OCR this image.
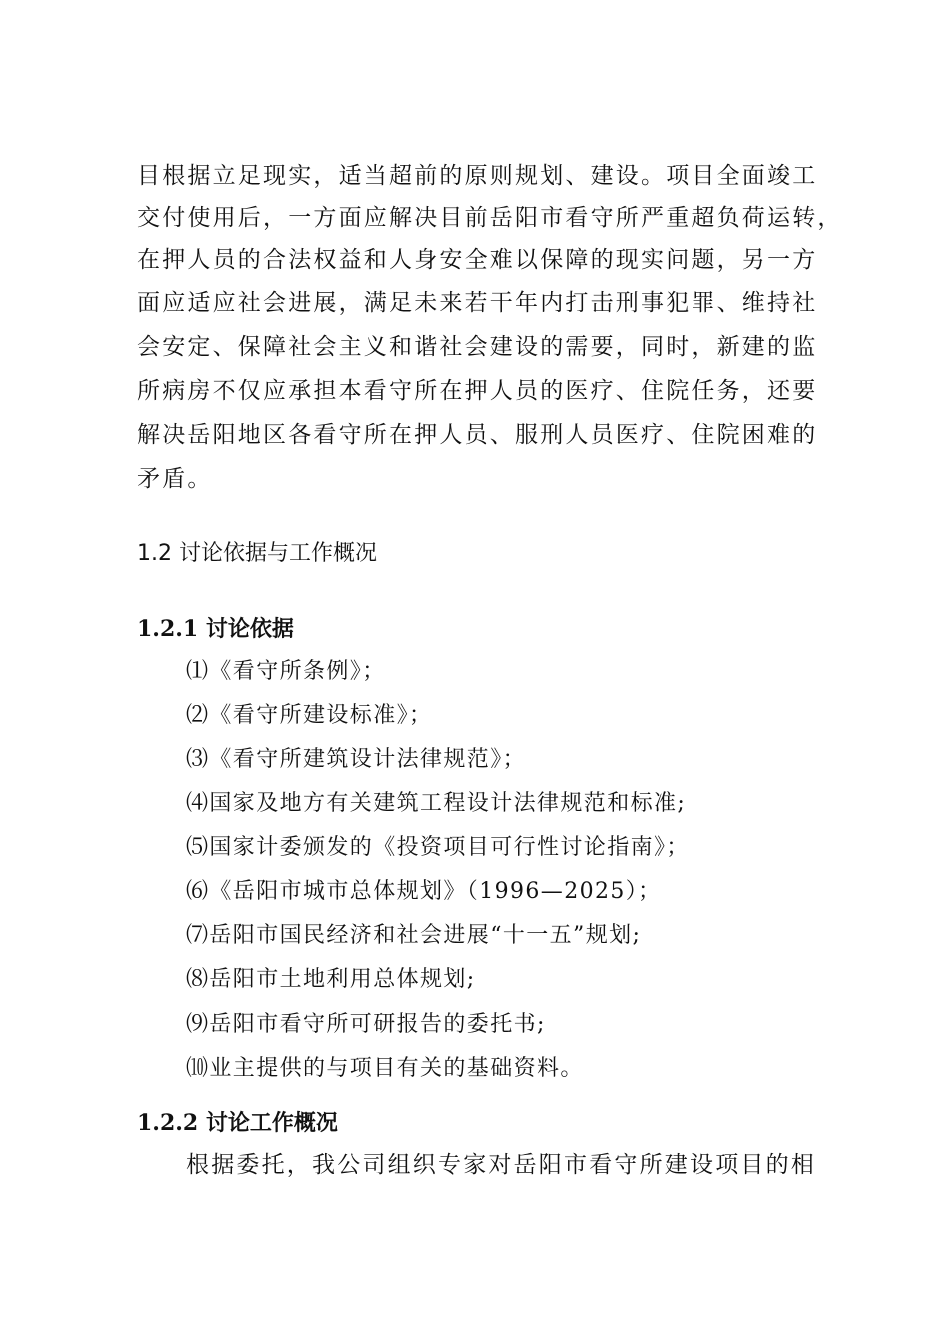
目根据立足现实，适当超前的原则规划、建设。项目全面竣工
交付使用后，一方面应解决目前岳阳市看守所严重超负荷运转，
在押人员的合法权益和人身安全难以保障的现实问题，另一方
面应适应社会进展，满足未来若干年内打击刑事犯罪、维持社
会安定、保障社会主义和谐社会建设的需要，同时，新建的监
所病房不仅应承担本看守所在押人员的医疗、住院任务，还要
解决岳阳地区各看守所在押人员、服刑人员医疗、住院困难的
矛盾。
1.2 讨论依据与工作概况
1.2.1 讨论依据
⑴《看守所条例》；
⑵《看守所建设标准》；
⑶《看守所建筑设计法律规范》；
⑷国家及地方有关建筑工程设计法律规范和标准;
⑸国家计委颁发的《投资项目可行性讨论指南》；
⑹《岳阳市城市总体规划》（1996—2025）；
⑺岳阳市国民经济和社会进展“十一五”规划;
⑻岳阳市土地利用总体规划;
⑼岳阳市看守所可研报告的委托书;
⑽业主提供的与项目有关的基础资料。
1.2.2 讨论工作概况
根据委托，我公司组织专家对岳阳市看守所建设项目的相
